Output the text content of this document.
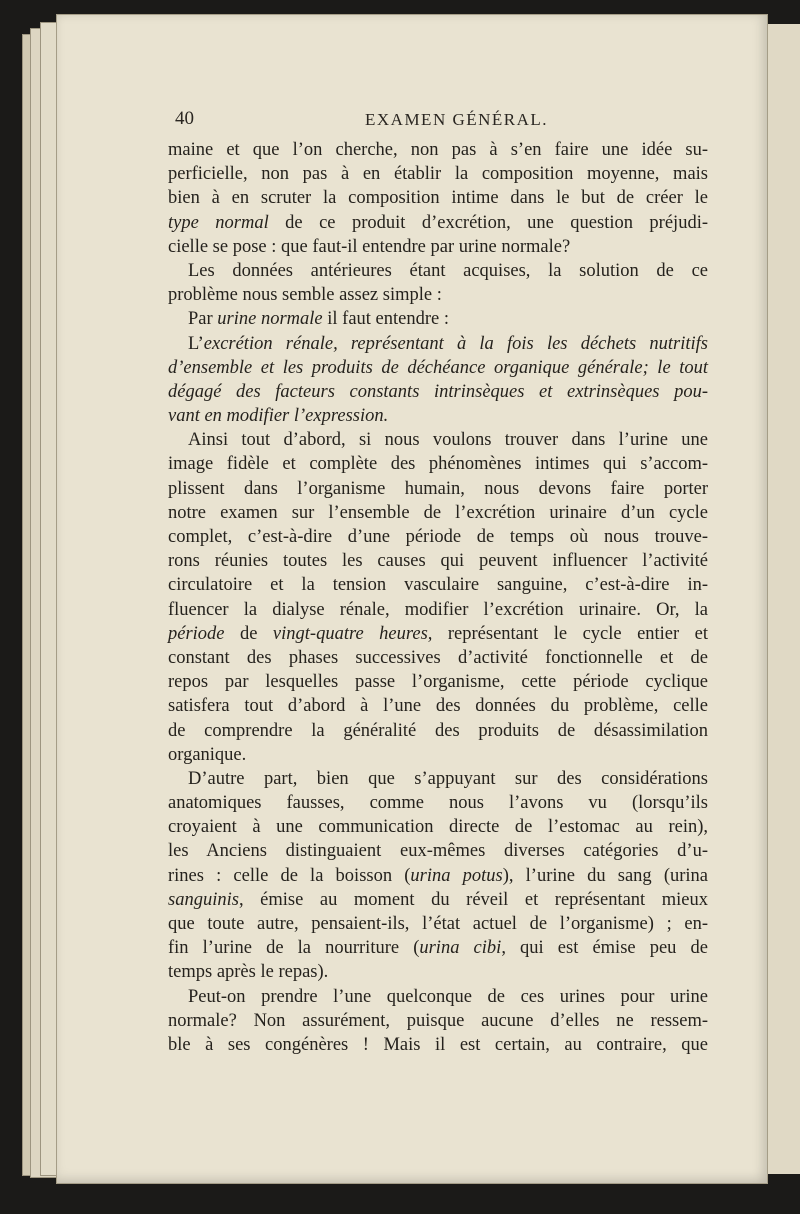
40	EXAMEN GÉNÉRAL.
maine et que l’on cherche, non pas à s’en faire une idée su-
perficielle, non pas à en établir la composition moyenne, mais
bien à en scruter la composition intime dans le but de créer le
type normal de ce produit d’excrétion, une question préjudi-
cielle se pose : que faut-il entendre par urine normale?
Les données antérieures étant acquises, la solution de ce
problème nous semble assez simple :
Par urine normale il faut entendre :
L’excrétion rénale, représentant à la fois les déchets nutritifs
d’ensemble et les produits de déchéance organique générale; le tout
dégagé des facteurs constants intrinsèques et extrinsèques pou-
vant en modifier l’expression.
Ainsi tout d’abord, si nous voulons trouver dans l’urine une
image fidèle et complète des phénomènes intimes qui s’accom-
plissent dans l’organisme humain, nous devons faire porter
notre examen sur l’ensemble de l’excrétion urinaire d’un cycle
complet, c’est-à-dire d’une période de temps où nous trouve-
rons réunies toutes les causes qui peuvent influencer l’activité
circulatoire et la tension vasculaire sanguine, c’est-à-dire in-
fluencer la dialyse rénale, modifier l’excrétion urinaire. Or, la
période de vingt-quatre heures, représentant le cycle entier et
constant des phases successives d’activité fonctionnelle et de
repos par lesquelles passe l’organisme, cette période cyclique
satisfera tout d’abord à l’une des données du problème, celle
de comprendre la généralité des produits de désassimilation
organique.
D’autre part, bien que s’appuyant sur des considérations
anatomiques fausses, comme nous l’avons vu (lorsqu’ils
croyaient à une communication directe de l’estomac au rein),
les Anciens distinguaient eux-mêmes diverses catégories d’u-
rines : celle de la boisson (urina potus), l’urine du sang (urina
sanguinis, émise au moment du réveil et représentant mieux
que toute autre, pensaient-ils, l’état actuel de l’organisme) ; en-
fin l’urine de la nourriture (urina cibi, qui est émise peu de
temps après le repas).
Peut-on prendre l’une quelconque de ces urines pour urine
normale? Non assurément, puisque aucune d’elles ne ressem-
ble à ses congénères ! Mais il est certain, au contraire, que
